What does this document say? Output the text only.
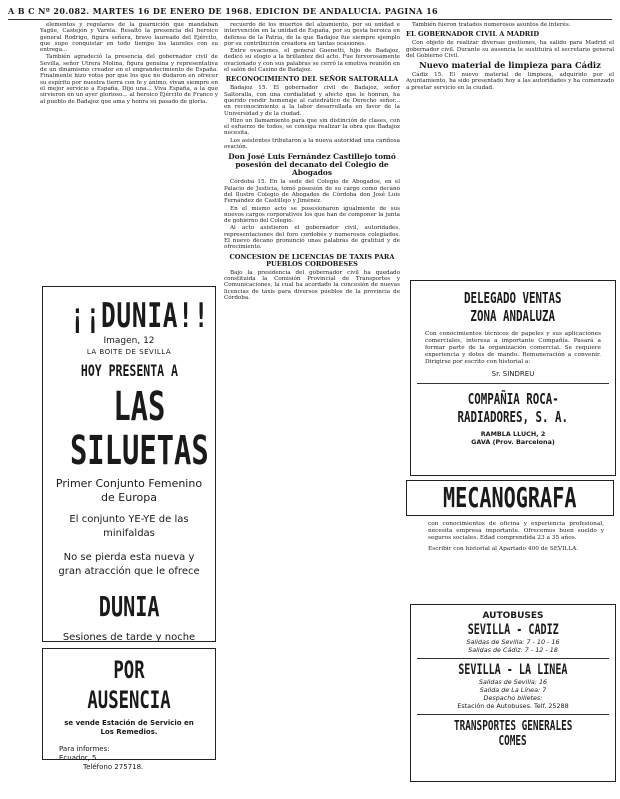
A B C Nº 20.082. MARTES 16 DE ENERO DE 1968. EDICION DE ANDALUCIA. PAGINA 16

elementos y regulares de la guarnición que mandaban Yagüe, Castejón y Varela. Resaltó la presencia del heroico general Rodrigo, figura señera, bravo laureado del Ejército, que supo conquistar en todo tiempo los laureles con su entrega...

También agradeció la presencia del gobernador civil de Sevilla, señor Utrera Molina, figura genuina y representativa de un dinamismo creador en el engrandecimiento de España. Finalmente hizo votos por que los que no dudaron en ofrecer su espíritu por nuestra tierra con fe y ánimo, vivan siempre en el mejor servicio a España. Dijo una... Viva España, a la que sirvieron en un ayer glorioso... al heroico Ejército de Franco y al pueblo de Badajoz que ama y honra su pasado de gloria.

¡¡DUNIA!!
Imagen, 12
LA BOITE DE SEVILLA
HOY PRESENTA A
LAS SILUETAS
Primer Conjunto Femenino
de Europa
El conjunto YE-YE de las
minifaldas
No se pierda esta nueva y
gran atracción que le ofrece
DUNIA
Sesiones de tarde y noche
POR AUSENCIA
se vende Estación de Servicio en
Los Remedios.
Para informes:
Ecuador, 5
Teléfono 275718.

recuerdo de los muertos del alzamiento, por su unidad e intervención en la unidad de España, por su gesta heroica en defensa de la Patria, de la que Badajoz fue siempre ejemplo por su contribución creadora en tantas ocasiones.

Entre ovaciones, el general Guenetti, hijo de Badajoz, dedicó su elogio a la brillantez del acto. Fue fervorosamente ovacionado y con sus palabras se cerró la emotiva reunión en el salón del Casino de Badajoz.

RECONOCIMIENTO DEL SEÑOR SALTORALLA

Badajoz 15. El gobernador civil de Badajoz, señor Saltoralla, con una cordialidad y afecto que le honran, ha querido rendir homenaje al catedrático de Derecho señor... en reconocimiento a la labor desarrollada en favor de la Universidad y de la ciudad.

Hizo un llamamiento para que sin distinción de clases, con el esfuerzo de todos, se consiga realizar la obra que Badajoz necesita.

Los asistentes tributaron a la nueva autoridad una cariñosa ovación.

Don José Luis Fernández Castillejo tomó posesión del decanato del Colegio de Abogados

Córdoba 15. En la sede del Colegio de Abogados, en el Palacio de Justicia, tomó posesión de su cargo como decano del Ilustre Colegio de Abogados de Córdoba don José Luis Fernández de Castillejo y Jiménez.

En el mismo acto se posesionaron igualmente de sus nuevos cargos corporativos los que han de componer la junta de gobierno del Colegio.

Al acto asistieron el gobernador civil, autoridades, representaciones del foro cordobés y numerosos colegiados. El nuevo decano pronunció unas palabras de gratitud y de ofrecimiento.

CONCESION DE LICENCIAS DE TAXIS PARA PUEBLOS CORDOBESES

Bajo la presidencia del gobernador civil ha quedado constituida la Comisión Provincial de Transportes y Comunicaciones, la cual ha acordado la concesión de nuevas licencias de taxis para diversos pueblos de la provincia de Córdoba.

También fueron tratados numerosos asuntos de interés.

EL GOBERNADOR CIVIL A MADRID

Con objeto de realizar diversas gestiones, ha salido para Madrid el gobernador civil. Durante su ausencia le sustituirá el secretario general del Gobierno Civil.

Nuevo material de limpieza para Cádiz

Cádiz 15. El nuevo material de limpieza, adquirido por el Ayuntamiento, ha sido presentado hoy a las autoridades y ha comenzado a prestar servicio en la ciudad.

DELEGADO VENTAS
ZONA ANDALUZA
Con conocimientos técnicos de papeles y sus aplicaciones comerciales, interesa a importante Compañía. Pasará a formar parte de la organización comercial. Se requiere experiencia y dotes de mando. Remuneración a convenir. Dirigirse por escrito con historial a:
Sr. SINDREU
COMPAÑIA ROCA-
RADIADORES, S. A.
RAMBLA LLUCH, 2
GAVA (Prov. Barcelona)
MECANOGRAFA
con conocimientos de oficina y experiencia profesional, necesita empresa importante. Ofrecemos buen sueldo y seguros sociales. Edad comprendida 23 a 35 años.
Escribir con historial al Apartado 400 de SEVILLA.
AUTOBUSES
SEVILLA - CADIZ
Salidas de Sevilla: 7 - 10 - 16
Salidas de Cádiz: 7 - 12 - 18
SEVILLA - LA LINEA
Salidas de Sevilla: 16
Salida de La Línea: 7
Despacho billetes:
Estación de Autobuses. Telf. 25288
TRANSPORTES GENERALES
COMES
